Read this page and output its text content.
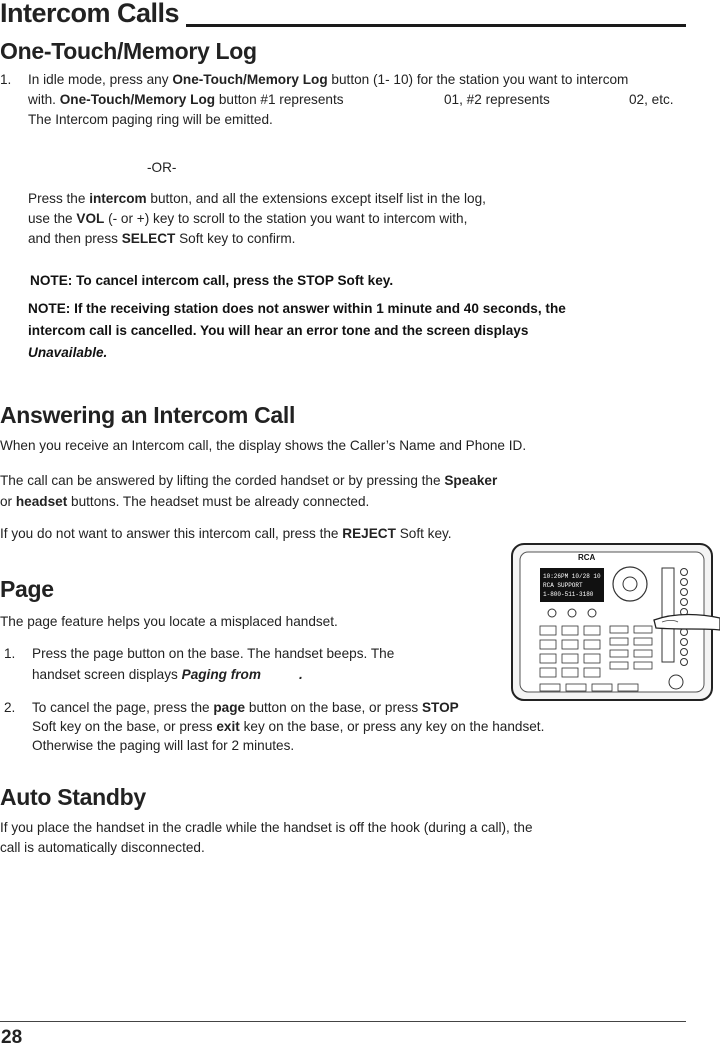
Intercom Calls
One-Touch/Memory Log
1. In idle mode, press any One-Touch/Memory Log button (1- 10) for the station you want to intercom
with. One-Touch/Memory Log button #1 represents	01, #2 represents	02, etc.
The Intercom paging ring will be emitted.
-OR-
Press the intercom button, and all the extensions except itself list in the log,
use the VOL (- or +) key to scroll to the station you want to intercom with,
and then press SELECT Soft key to confirm.
NOTE: To cancel intercom call, press the STOP Soft key.
NOTE: If the receiving station does not answer within 1 minute and 40 seconds, the
intercom call is cancelled. You will hear an error tone and the screen displays
Unavailable.
Answering an Intercom Call
When you receive an Intercom call, the display shows the Caller’s Name and Phone ID.
The call can be answered by lifting the corded handset or by pressing the Speaker
or headset buttons. The headset must be already connected.
If you do not want to answer this intercom call, press the REJECT Soft key.
Page
The page feature helps you locate a misplaced handset.
1. Press the page button on the base. The handset beeps. The
handset screen displays Paging from	.
2. To cancel the page, press the page button on the base, or press STOP
Soft key on the base, or press exit key on the base, or press any key on the handset.
Otherwise the paging will last for 2 minutes.
RCA
10:26PM 10/28 10
RCA SUPPORT
1-800-511-3180
Auto Standby
If you place the handset in the cradle while the handset is off the hook (during a call), the
call is automatically disconnected.
28
